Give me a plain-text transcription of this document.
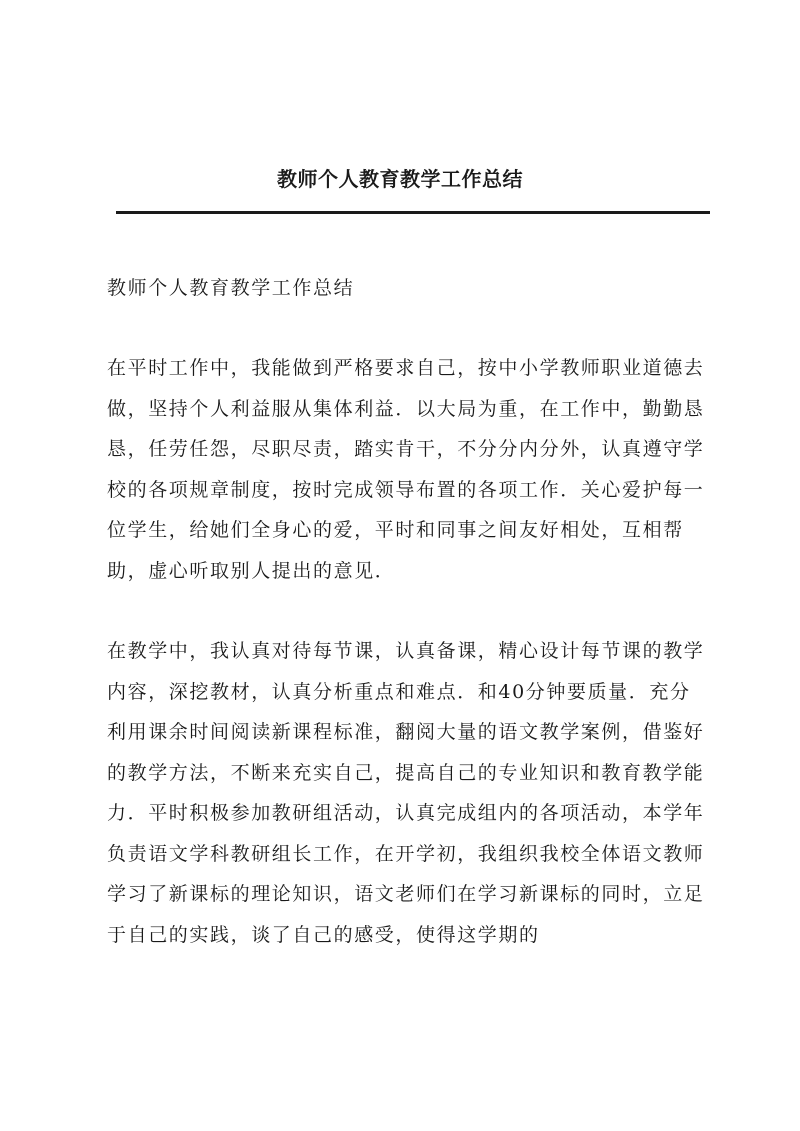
教师个人教育教学工作总结

教师个人教育教学工作总结

在平时工作中，我能做到严格要求自己，按中小学教师职业道德去做，坚持个人利益服从集体利益．以大局为重，在工作中，勤勤恳恳，任劳任怨，尽职尽责，踏实肯干，不分分内分外，认真遵守学校的各项规章制度，按时完成领导布置的各项工作．关心爱护每一位学生，给她们全身心的爱，平时和同事之间友好相处，互相帮助，虚心听取别人提出的意见．

在教学中，我认真对待每节课，认真备课，精心设计每节课的教学内容，深挖教材，认真分析重点和难点．和40分钟要质量．充分利用课余时间阅读新课程标准，翻阅大量的语文教学案例，借鉴好的教学方法，不断来充实自己，提高自己的专业知识和教育教学能力．平时积极参加教研组活动，认真完成组内的各项活动，本学年负责语文学科教研组长工作，在开学初，我组织我校全体语文教师学习了新课标的理论知识，语文老师们在学习新课标的同时，立足于自己的实践，谈了自己的感受，使得这学期的
